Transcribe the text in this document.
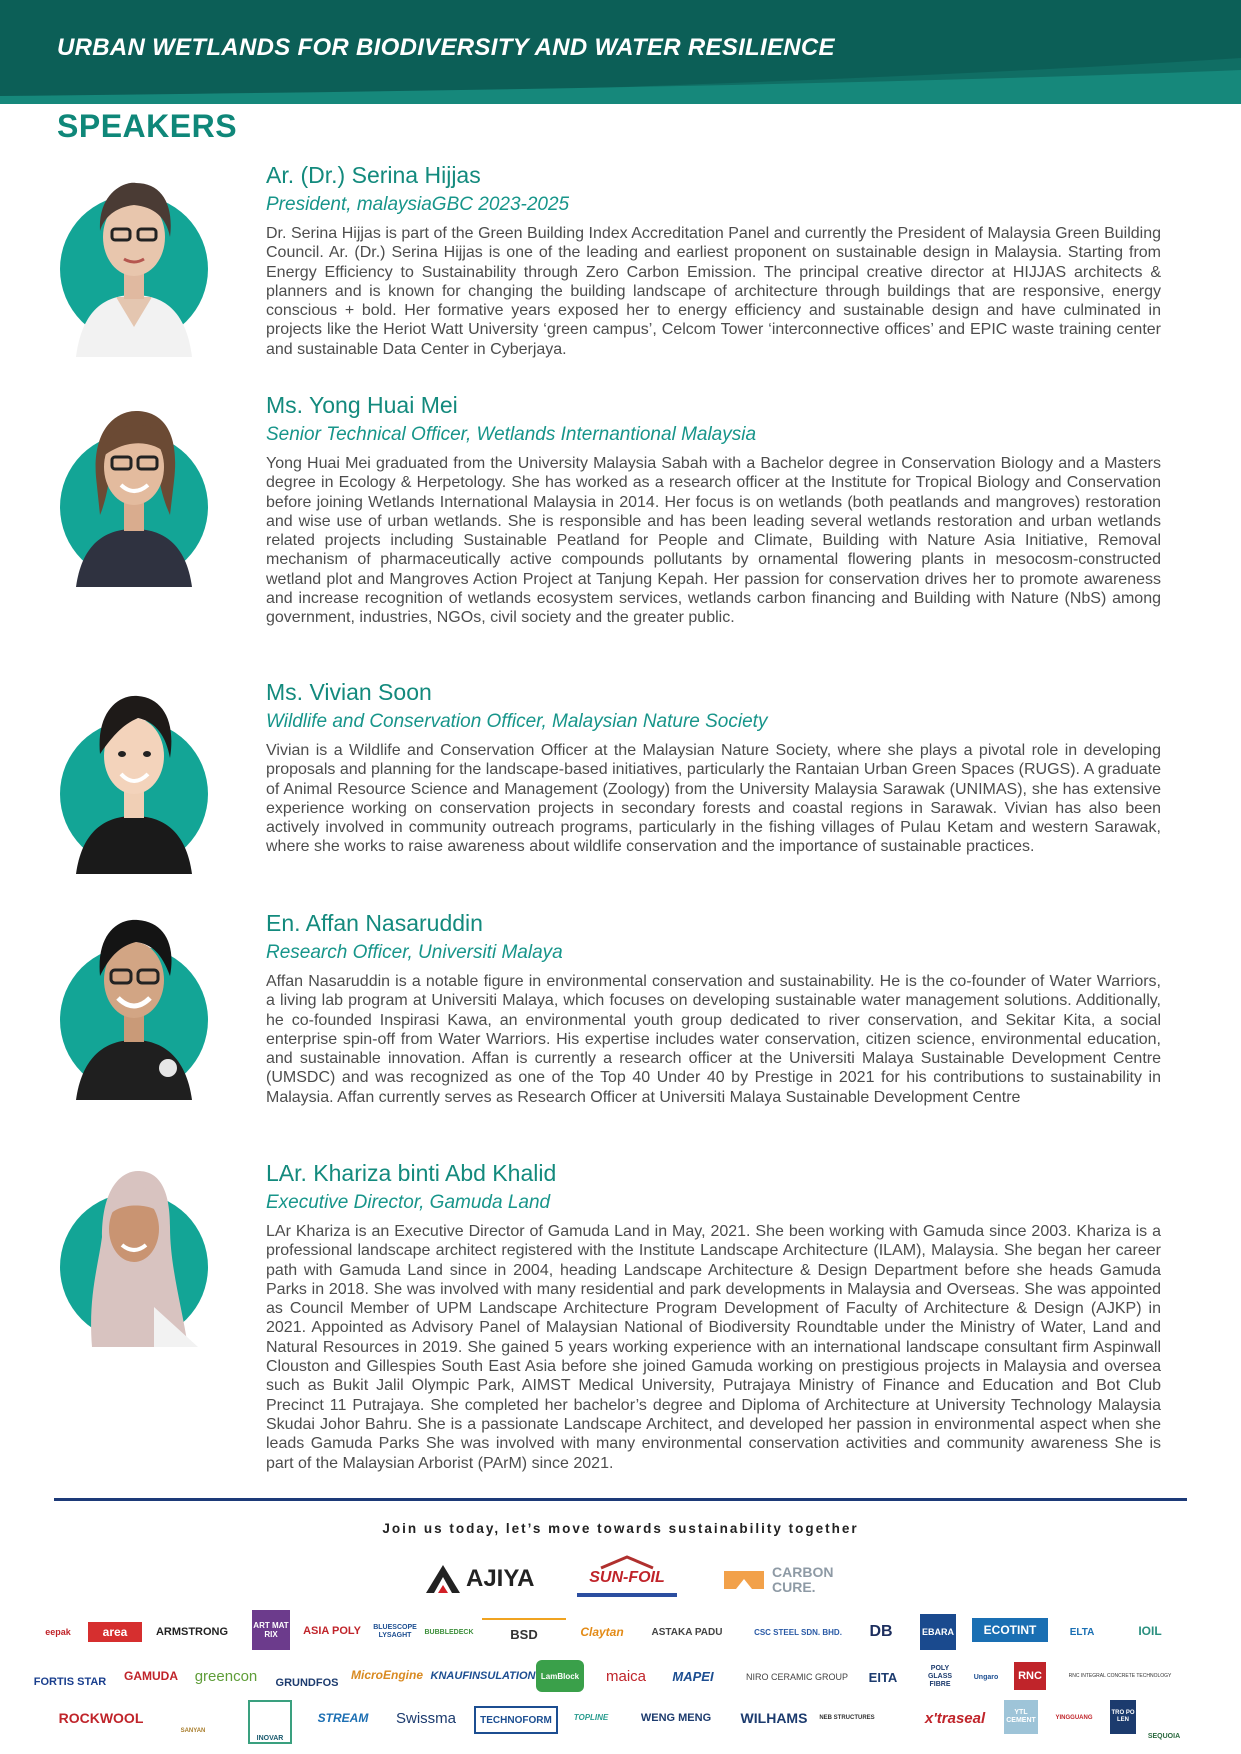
URBAN WETLANDS FOR BIODIVERSITY AND WATER RESILIENCE
SPEAKERS
Ar. (Dr.) Serina Hijjas
President, malaysiaGBC 2023-2025

Dr. Serina Hijjas is part of the Green Building Index Accreditation Panel and currently the President of Malaysia Green Building Council. Ar. (Dr.) Serina Hijjas is one of the leading and earliest proponent on sustainable design in Malaysia. Starting from Energy Efficiency to Sustainability through Zero Carbon Emission. The principal creative director at HIJJAS architects & planners and is known for changing the building landscape of architecture through buildings that are responsive, energy conscious + bold. Her formative years exposed her to energy efficiency and sustainable design and have culminated in projects like the Heriot Watt University ‘green campus’, Celcom Tower ‘interconnective offices’ and EPIC waste training center and sustainable Data Center in Cyberjaya.

Ms. Yong Huai Mei
Senior Technical Officer, Wetlands Internantional Malaysia

Yong Huai Mei graduated from the University Malaysia Sabah with a Bachelor degree in Conservation Biology and a Masters degree in Ecology & Herpetology. She has worked as a research officer at the Institute for Tropical Biology and Conservation before joining Wetlands International Malaysia in 2014. Her focus is on wetlands (both peatlands and mangroves) restoration and wise use of urban wetlands. She is responsible and has been leading several wetlands restoration and urban wetlands related projects including Sustainable Peatland for People and Climate, Building with Nature Asia Initiative, Removal mechanism of pharmaceutically active compounds pollutants by ornamental flowering plants in mesocosm-constructed wetland plot and Mangroves Action Project at Tanjung Kepah. Her passion for conservation drives her to promote awareness and increase recognition of wetlands ecosystem services, wetlands carbon financing and Building with Nature (NbS) among government, industries, NGOs, civil society and the greater public.

Ms. Vivian Soon
Wildlife and Conservation Officer, Malaysian Nature Society

Vivian is a Wildlife and Conservation Officer at the Malaysian Nature Society, where she plays a pivotal role in developing proposals and planning for the landscape-based initiatives, particularly the Rantaian Urban Green Spaces (RUGS). A graduate of Animal Resource Science and Management (Zoology) from the University Malaysia Sarawak (UNIMAS), she has extensive experience working on conservation projects in secondary forests and coastal regions in Sarawak. Vivian has also been actively involved in community outreach programs, particularly in the fishing villages of Pulau Ketam and western Sarawak, where she works to raise awareness about wildlife conservation and the importance of sustainable practices.

En. Affan Nasaruddin
Research Officer, Universiti Malaya

Affan Nasaruddin is a notable figure in environmental conservation and sustainability. He is the co-founder of Water Warriors, a living lab program at Universiti Malaya, which focuses on developing sustainable water management solutions. Additionally, he co-founded Inspirasi Kawa, an environmental youth group dedicated to river conservation, and Sekitar Kita, a social enterprise spin-off from Water Warriors. His expertise includes water conservation, citizen science, environmental education, and sustainable innovation. Affan is currently a research officer at the Universiti Malaya Sustainable Development Centre (UMSDC) and was recognized as one of the Top 40 Under 40 by Prestige in 2021 for his contributions to sustainability in Malaysia. Affan currently serves as Research Officer at Universiti Malaya Sustainable Development Centre

LAr. Khariza binti Abd Khalid
Executive Director, Gamuda Land

LAr Khariza is an Executive Director of Gamuda Land in May, 2021. She been working with Gamuda since 2003. Khariza is a professional landscape architect registered with the Institute Landscape Architecture (ILAM), Malaysia. She began her career path with Gamuda Land since in 2004, heading Landscape Architecture & Design Department before she heads Gamuda Parks in 2018. She was involved with many residential and park developments in Malaysia and Overseas. She was appointed as Council Member of UPM Landscape Architecture Program Development of Faculty of Architecture & Design (AJKP) in 2021. Appointed as Advisory Panel of Malaysian National of Biodiversity Roundtable under the Ministry of Water, Land and Natural Resources in 2019. She gained 5 years working experience with an international landscape consultant firm Aspinwall Clouston and Gillespies South East Asia before she joined Gamuda working on prestigious projects in Malaysia and oversea such as Bukit Jalil Olympic Park, AIMST Medical University, Putrajaya Ministry of Finance and Education and Bot Club Precinct 11 Putrajaya. She completed her bachelor’s degree and Diploma of Architecture at University Technology Malaysia Skudai Johor Bahru. She is a passionate Landscape Architect, and developed her passion in environmental aspect when she leads Gamuda Parks She was involved with many environmental conservation activities and community awareness She is part of the Malaysian Arborist (PArM) since 2021.

Join us today, let’s move towards sustainability together
AJIYA	SUN-FOIL	CARBON CURE.
eepak	area	ARMSTRONG
ART MAT RIX	ASIA POLY	BLUESCOPE LYSAGHT	BUBBLEDECK	BSD	Claytan	ASTAKA PADU	CSC STEEL SDN. BHD.	DB	EBARA	ECOTINT	ELTA	IOIL
FORTIS STAR	GAMUDA	greencon	GRUNDFOS
MicroEngine KNAUFINSULATION LamBlock	maica	MAPEI	NIRO CERAMIC GROUP	EITA
POLY GLASS FIBRE
Ungaro	RNC	RNC INTEGRAL CONCRETE TECHNOLOGY
ROCKWOOL
SANYAN
INOVAR
STREAM	Swissma	TECHNOFORM	TOPLINE	WENG MENG	WILHAMS	NEB STRUCTURES	x'traseal	YTL CEMENT	YINGGUANG
TRO PO LEN
SEQUOIA
